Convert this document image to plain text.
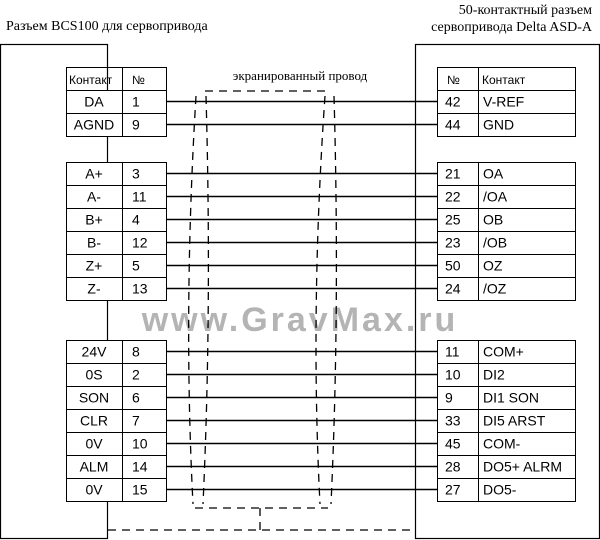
Разъем BCS100 для сервопривода
50-контактный разъем
сервопривода Delta ASD-A
экранированный провод
www.GravMax.ru
Контакт №	№ Контакт
DA 1	42 V-REF
AGND 9	44 GND
A+ 3	21 OA
A- 11	22 /OA
B+ 4	25 OB
B- 12	23 /OB
Z+ 5	50 OZ
Z- 13	24 /OZ
24V 8	11 COM+
0S 2	10 DI2
SON 6	9 DI1 SON
CLR 7	33 DI5 ARST
0V 10	45 COM-
ALM 14	28 DO5+ ALRM
0V 15	27 DO5-
